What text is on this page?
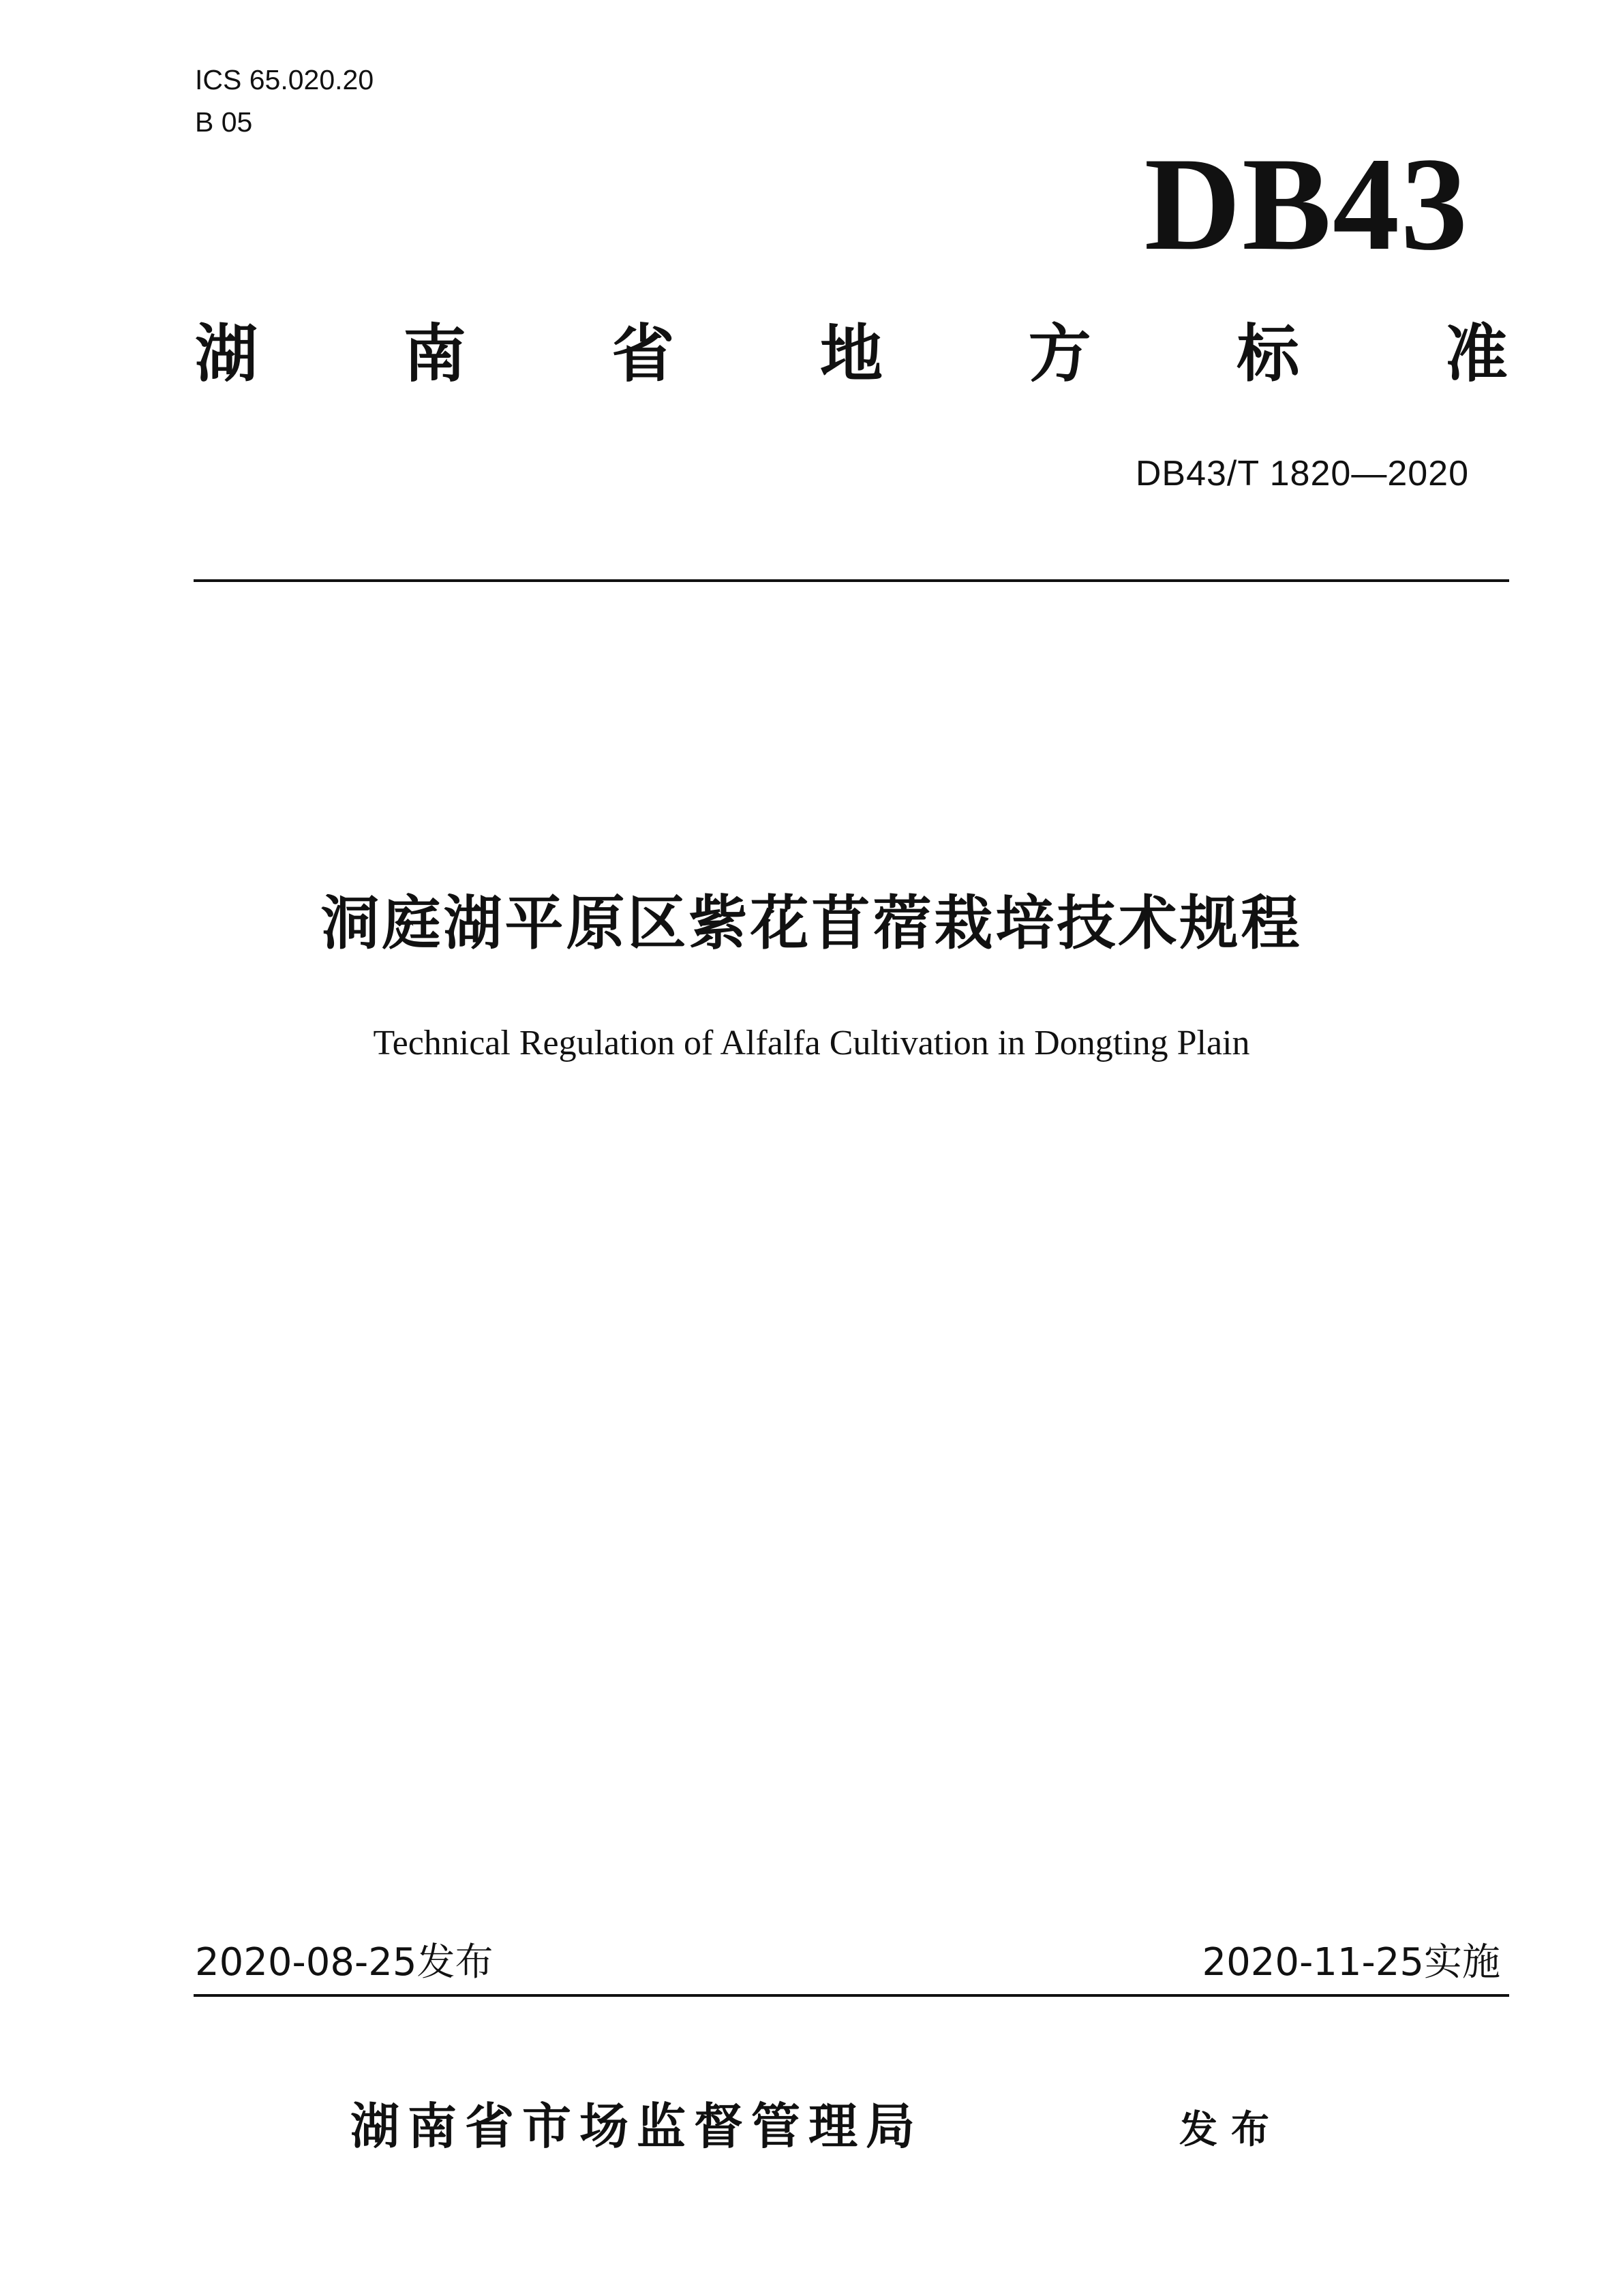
ICS 65.020.20
B 05
DB43
湖 南 省 地 方 标 准
DB43/T 1820—2020
洞庭湖平原区紫花苜蓿栽培技术规程
Technical Regulation of Alfalfa Cultivation in Dongting Plain
2020-08-25发布	2020-11-25实施
湖南省市场监督管理局	发布
